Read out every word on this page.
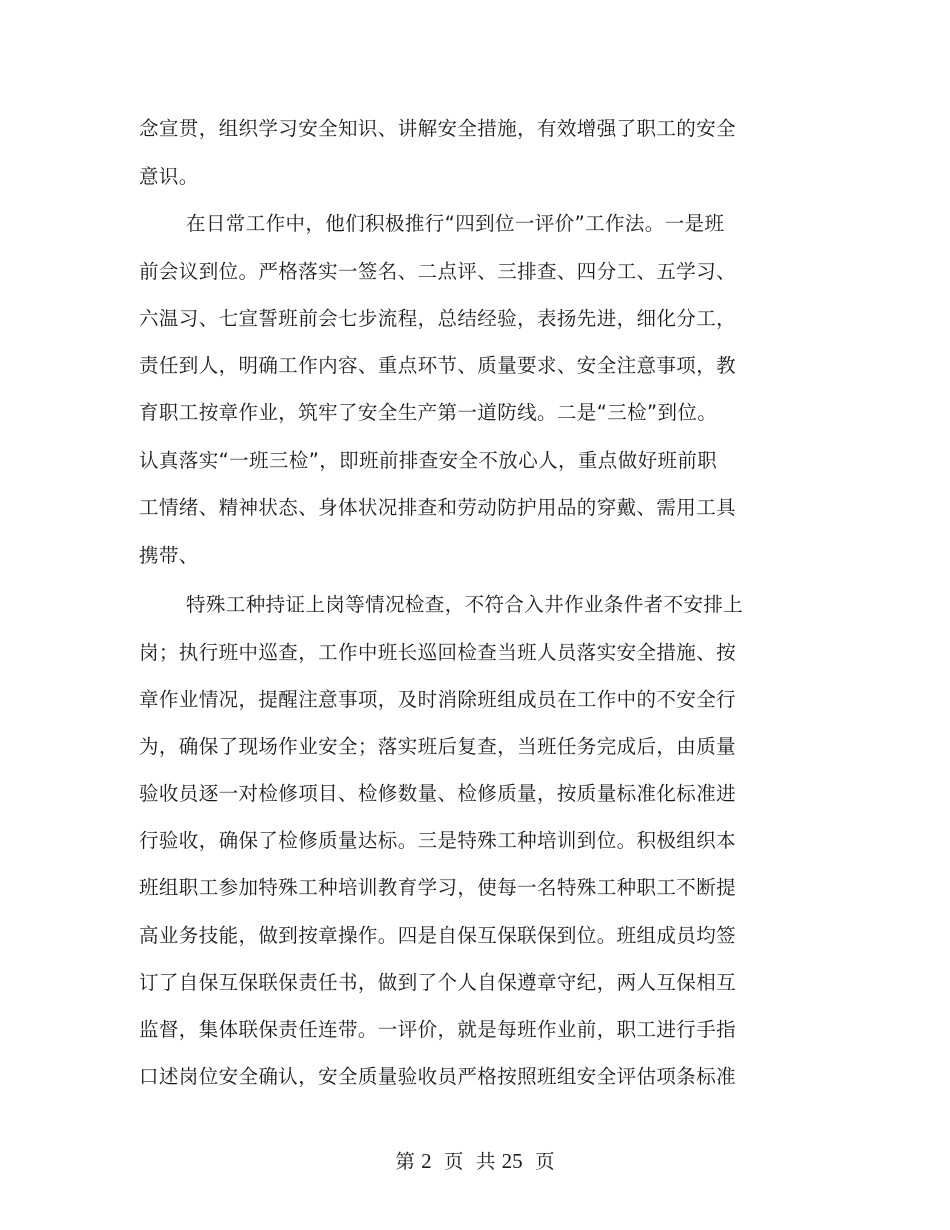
念宣贯，组织学习安全知识、讲解安全措施，有效增强了职工的安全
意识。
在日常工作中，他们积极推行“四到位一评价”工作法。一是班
前会议到位。严格落实一签名、二点评、三排查、四分工、五学习、
六温习、七宣誓班前会七步流程，总结经验，表扬先进，细化分工，
责任到人，明确工作内容、重点环节、质量要求、安全注意事项，教
育职工按章作业，筑牢了安全生产第一道防线。二是“三检”到位。
认真落实“一班三检”，即班前排查安全不放心人，重点做好班前职
工情绪、精神状态、身体状况排查和劳动防护用品的穿戴、需用工具
携带、
特殊工种持证上岗等情况检查，不符合入井作业条件者不安排上
岗；执行班中巡查，工作中班长巡回检查当班人员落实安全措施、按
章作业情况，提醒注意事项，及时消除班组成员在工作中的不安全行
为，确保了现场作业安全；落实班后复查，当班任务完成后，由质量
验收员逐一对检修项目、检修数量、检修质量，按质量标准化标准进
行验收，确保了检修质量达标。三是特殊工种培训到位。积极组织本
班组职工参加特殊工种培训教育学习，使每一名特殊工种职工不断提
高业务技能，做到按章操作。四是自保互保联保到位。班组成员均签
订了自保互保联保责任书，做到了个人自保遵章守纪，两人互保相互
监督，集体联保责任连带。一评价，就是每班作业前，职工进行手指
口述岗位安全确认，安全质量验收员严格按照班组安全评估项条标准
第 2 页 共 25 页
